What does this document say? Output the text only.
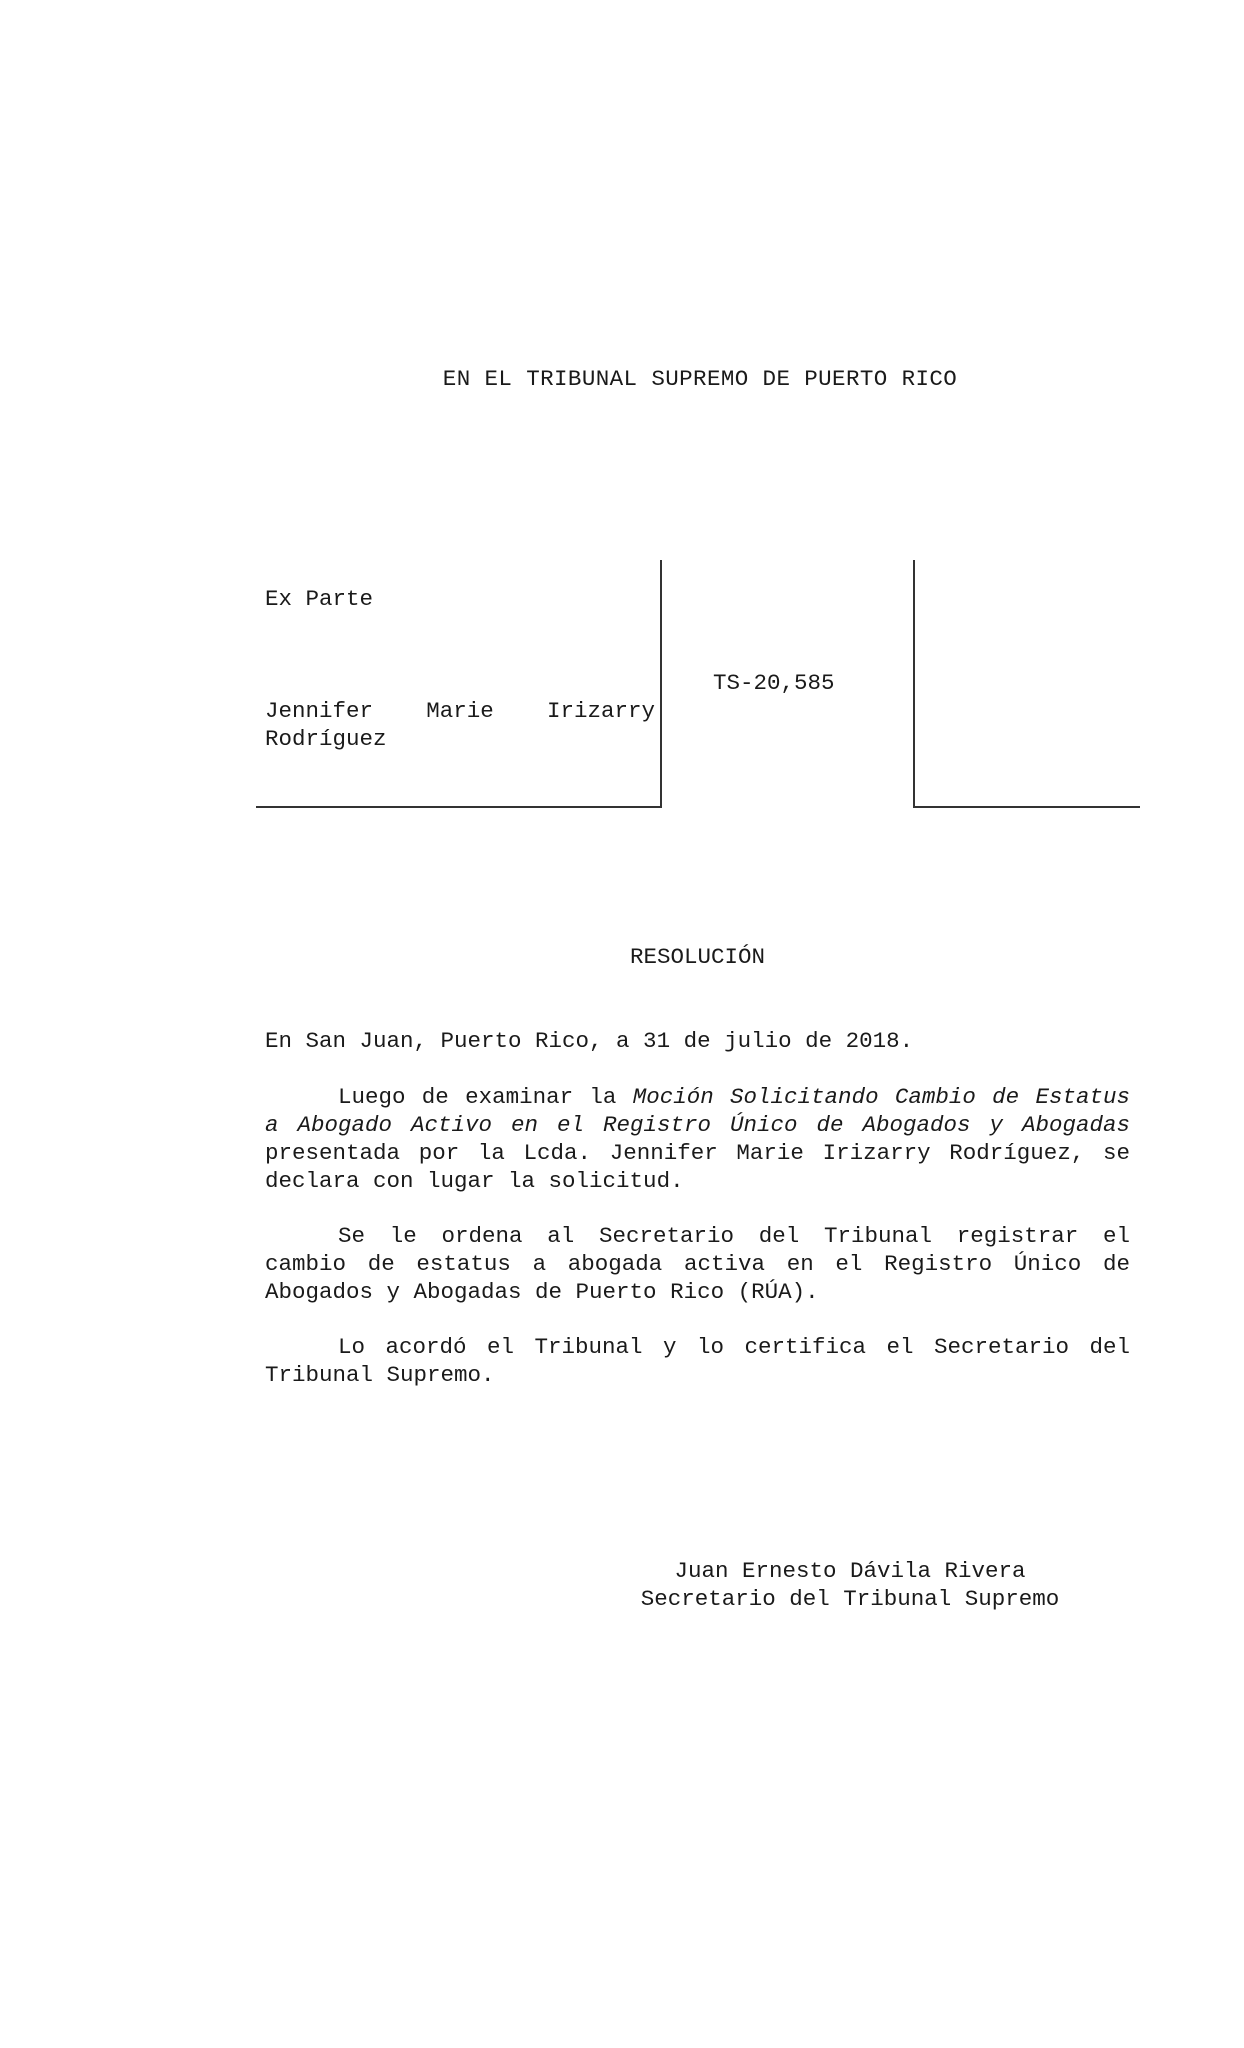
EN EL TRIBUNAL SUPREMO DE PUERTO RICO
Ex Parte
Jennifer Marie Irizarry
Rodríguez
TS-20,585
RESOLUCIÓN
En San Juan, Puerto Rico, a 31 de julio de 2018.
Luego de examinar la Moción Solicitando Cambio de Estatus a Abogado Activo en el Registro Único de Abogados y Abogadas presentada por la Lcda. Jennifer Marie Irizarry Rodríguez, se declara con lugar la solicitud.
Se le ordena al Secretario del Tribunal registrar el cambio de estatus a abogada activa en el Registro Único de Abogados y Abogadas de Puerto Rico (RÚA).
Lo acordó el Tribunal y lo certifica el Secretario del Tribunal Supremo.
Juan Ernesto Dávila Rivera
Secretario del Tribunal Supremo
